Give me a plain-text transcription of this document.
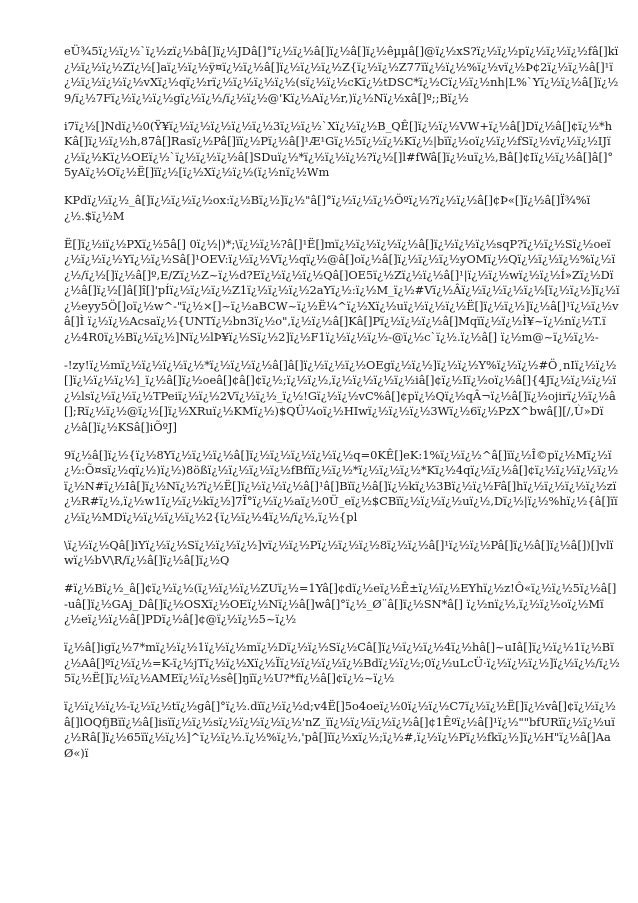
eÜ¾5ï¿½ï¿½`ï¿½zï¿½bâ[]ï¿½JDâ[]°ï¿½ï¿½â[]ï¿½â[]ï¿½êµµâ[]@ï¿½xS?ï¿½ï¿½pï¿½ï¿½ï¿½fâ[]kï¿½ï¿½ï¿½Zï¿½[]aï¿½ï¿½ÿ¤ï¿½ï¿½â[]ï¿½ï¿½ï¿½Z{ï¿½ï¿½Z77ïï¿½ï¿½%ï¿½vï¿½Þ¢2ï¿½ï¿½â[]¹ï¿½ï¿½ï¿½ï¿½vXï¿½qï¿½rï¿½ï¿½ï¿½ï¿½(sï¿½ï¿½cKï¿½tDSC*ï¿½Cï¿½ï¿½nh|L%`Yï¿½ï¿½â[]ï¿½9/ï¿½7Fï¿½ï¿½ï¿½gï¿½ï¿½/ï¿½ï¿½@'Kï¿½Aï¿½r,)ï¿½Nï¿½xâ[]º;;Bï¿½

i7ï¿½[]Ndï¿½0(Ÿ¥ï¿½ï¿½ï¿½ï¿½ï¿½3ï¿½ï¿½`Xï¿½ï¿½B_QÊ[]ï¿½ï¿½VW+ï¿½â[]Dï¿½â[]¢ï¿½*hKâ[]ï¿½ï¿½h,87â[]Rasï¿½Pâ[]ïï¿½Pï¿½â[]¹Æ¹Gï¿½5ï¿½ï¿½Kï¿½|bïï¿½oï¿½ï¿½fSï¿½vï¿½ï¿½IJï¿½ï¿½Kï¿½OEï¿½`ï¿½ï¿½ï¿½â[]SDuï¿½*ï¿½ï¿½ï¿½?ï¿½[]l#fWâ[]ï¿½uï¿½,Bâ[]¢Iï¿½ï¿½â[]â[]°5yAï¿½Oï¿½Ë[]ïï¿½[ï¿½Xï¿½ï¿½(ï¿½nï¿½Wm

KPdï¿½ï¿½_â[]ï¿½ï¿½ï¿½ox:ï¿½Bï¿½]ï¿½"â[]°ï¿½ï¿½ï¿½Öºï¿½?ï¿½ï¿½â[]¢Þ«[]ï¿½â[]Ï¾%ï¿½.$ï¿½M

Ë[]ï¿½iï¿½PXï¿½5â[] 0ï¿½|)*;\ï¿½ï¿½?â[]¹Ë[]mï¿½ï¿½ï¿½ï¿½â[]ï¿½ï¿½ï¿½sqP?ï¿½ï¿½Sï¿½oeï¿½ï¿½ï¿½Yï¿½ï¿½Sâ[]¹OEV:ï¿½ï¿½Vï¿½qï¿½@â[]oï¿½â[]ï¿½ï¿½ï¿½yOMï¿½Qï¿½ï¿½ï¿½%ï¿½ï¿½/ï¿½[]ï¿½â[]º,E/Zï¿½Z~ï¿½d?Eï¿½ï¿½ï¿½Qâ[]OE5ï¿½Zï¿½ï¿½â[]¹|ï¿½ï¿½wï¿½ï¿½Í»Zï¿½Dï¿½â[]ï¿½[]â[]î[]'pÍï¿½ï¿½ï¿½Z1ï¿½ï¿½ï¿½2aYï¿½:ï¿½M_ï¿½#Vï¿½Âï¿½ï¿½ï¿½ï¿½[ï¿½ï¿½]ï¿½ï¿½eyy5Ö[]oï¿½w^-"ï¿½×[]~ï¿½aBCW~ï¿½Ë¼^ï¿½Xï¿½uï¿½ï¿½ï¿½Ë[]ï¿½ï¿½]ï¿½â[]¹ï¿½ï¿½vâ[]Ì ï¿½ï¿½Acsaï¿½{UNTï¿½bn3ï¿½o",ï¿½ï¿½â[]Kâ[]Pï¿½ï¿½ï¿½â[]Mqïï¿½ï¿½Ì¥~ï¿½nï¿½T.ï¿½4R0ï¿½Bï¿½ï¿½]Nï¿½lÞ¥ï¿½Sï¿½2]ï¿½F1ï¿½ï¿½ï¿½-@ï¿½c`ï¿½.ï¿½â[] ï¿½m@~ï¿½ï¿½-

-!zy!ï¿½mï¿½ï¿½ï¿½ï¿½*ï¿½ï¿½ï¿½â[]â[]ï¿½ï¿½ï¿½OEgï¿½ï¿½]ï¿½ï¿½Y%ï¿½ï¿½#Ö¸nIï¿½ï¿½[]ï¿½ï¿½ï¿½]_ï¿½â[]ï¿½oeâ[]¢â[]¢ï¿½;ï¿½ï¿½,ï¿½ï¿½ï¿½ï¿½iâ[]¢ï¿½Iï¿½oï¿½â[]{4Jï¿½ï¿½ï¿½ï¿½lsï¿½ï¿½ï¿½TPeiï¿½ï¿½2Vï¿½ï¿½_ï¿½!Gï¿½ï¿½vC%â[]¢pï¿½Qï¿½qÂ¬ï¿½â[]ï¿½ojirï¿½ï¿½â[];Rï¿½ï¿½@ï¿½[]ï¿½XRuï¿½KMï¿½)$QÜ¼oï¿½HIwï¿½ï¿½ï¿½3Wï¿½6ï¿½PzX^bwâ[][/,Ù»Dï¿½â[]ï¿½KSâ[]iÕºJ]

9ï¿½â[]ï¿½{ï¿½8Yï¿½ï¿½ï¿½â[]ï¿½ï¿½ï¿½ï¿½ï¿½q=0KÊ[]eK:1%ï¿½ï¿½^â[]ïï¿½Î©pï¿½Mï¿½ï¿½:Õ¤sï¿½qï¿½)ï¿½)8ößï¿½ï¿½ï¿½ï¿½fBfïï¿½ï¿½*ï¿½ï¿½ï¿½*Kï¿½4qï¿½ï¿½â[]¢ï¿½ï¿½ï¿½ï¿½ï¿½N#ï¿½Iâ[]ï¿½Nï¿½?ï¿½Ë[]ï¿½ï¿½ï¿½â[]¹â[]Bïï¿½â[]ï¿½kï¿½3Bï¿½ï¿½Fâ[]hï¿½ï¿½ï¿½ï¿½zï¿½R#ï¿½,ï¿½w1ï¿½ï¿½kï¿½]7Ï°ï¿½ï¿½aï¿½0Ü_eï¿½$CBïï¿½ï¿½ï¿½uï¿½,Dï¿½|ï¿½%hï¿½{â[]ïï¿½ï¿½MDï¿½ï¿½ï¿½ï¿½2{ï¿½ï¿½4ï¿½/ï¿½,ï¿½{pl

\ï¿½ï¿½Qâ[]iYï¿½ï¿½Sï¿½ï¿½ï¿½]vï¿½ï¿½Pï¿½ï¿½ï¿½8ï¿½ï¿½â[]¹ï¿½ï¿½Pâ[]ï¿½â[]ï¿½â[])[]vlïwï¿½bV\R/ï¿½â[]ï¿½â[]ï¿½Q

#ï¿½Bï¿½_â[]¢ï¿½ï¿½(ï¿½ï¿½ï¿½ZUï¿½=1Yâ[]¢dï¿½eï¿½Ê±ï¿½ï¿½EYhï¿½z!Ô«ï¿½ï¿½5ï¿½â[]-uâ[]ï¿½GAj_Dâ[]ï¿½OSXï¿½OEï¿½Nï¿½â[]wâ[]°ï¿½_Ø¨â[]ï¿½SN*â[] ï¿½nï¿½,ï¿½ï¿½oï¿½Mï¿½eï¿½ï¿½â[]PDï¿½â[]¢@ï¿½ï¿½5~ï¿½

ï¿½â[]igï¿½7*mï¿½ï¿½1ï¿½ï¿½mï¿½Dï¿½ï¿½Sï¿½Câ[]ï¿½ï¿½ï¿½4ï¿½hâ[]~uIâ[]ï¿½ï¿½1ï¿½Bï¿½Aâ[]ºï¿½ï¿½=K-ï¿½jTï¿½ï¿½Xï¿½Ïï¿½ï¿½ï¿½ï¿½Bdï¿½ï¿½;0ï¿½uLcÜ·ï¿½ï¿½ï¿½]ï¿½ï¿½/ï¿½5ï¿½Ë[]ï¿½ï¿½AMEï¿½ï¿½sê[]ŋïï¿½U?*fï¿½â[]¢ï¿½~ï¿½

ï¿½ï¿½ï¿½-ï¿½ï¿½tï¿½gâ[]°ï¿½.dïï¿½ï¿½d;v4Ë[]5o4oeï¿½0ï¿½ï¿½C7ï¿½ï¿½Ë[]ï¿½vâ[]¢ï¿½ï¿½â[]lOQfjBïï¿½â[]isïï¿½ï¿½sï¿½ï¿½ï¿½ï¿½'nZ_ïï¿½ï¿½ï¿½ï¿½â[]¢1Êºï¿½â[]¹ï¿½""bfURïï¿½ï¿½uï¿½Râ[]ï¿½65ïï¿½ï¿½]^ï¿½ï¿½.ï¿½%ï¿½,'pâ[]ïï¿½xï¿½;ï¿½#,ï¿½ï¿½Pï¿½fkï¿½]ï¿½H"ï¿½â[]AaØ«)ï
